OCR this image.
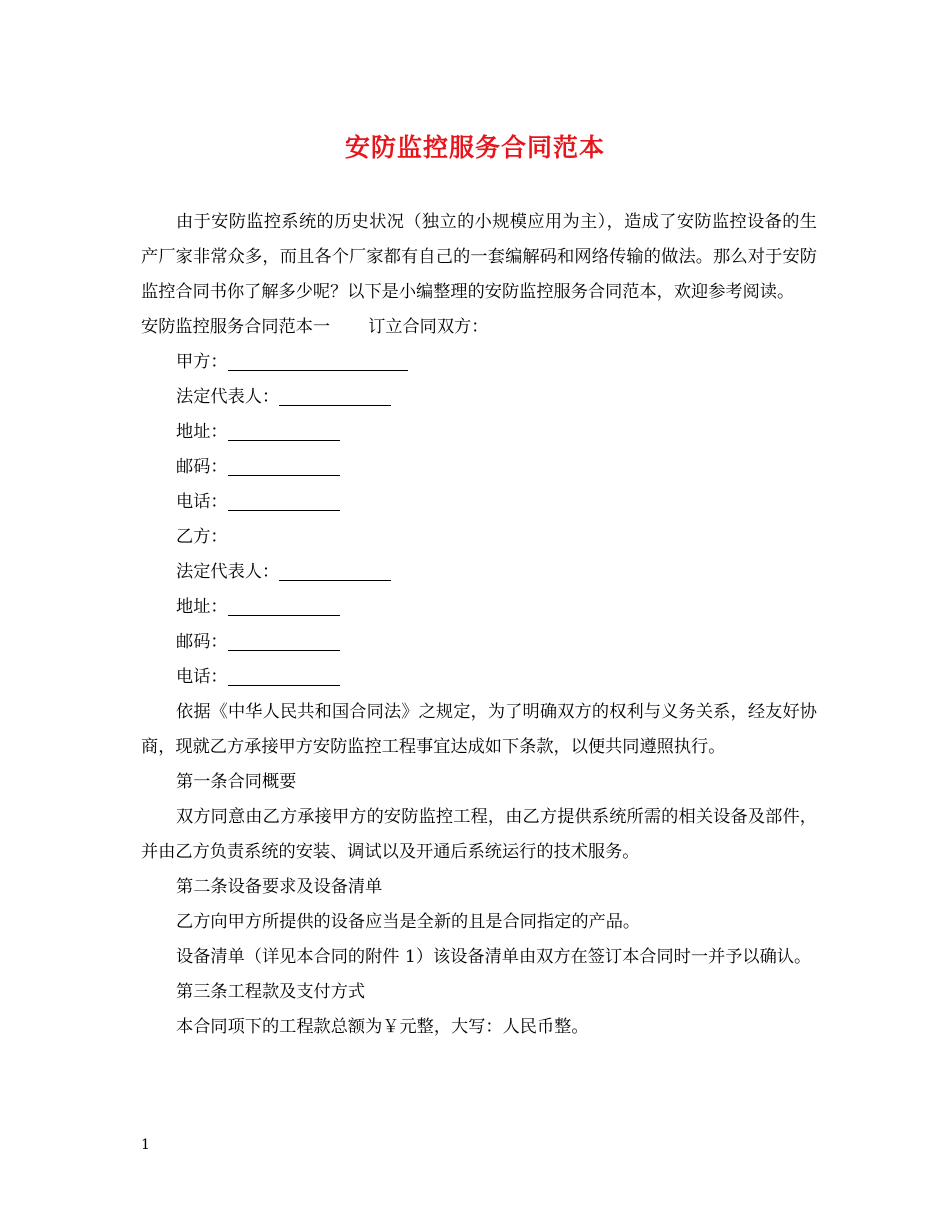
安防监控服务合同范本

由于安防监控系统的历史状况（独立的小规模应用为主），造成了安防监控设备的生产厂家非常众多，而且各个厂家都有自己的一套编解码和网络传输的做法。那么对于安防监控合同书你了解多少呢？以下是小编整理的安防监控服务合同范本，欢迎参考阅读。

安防监控服务合同范本一 订立合同双方：

甲方：

法定代表人：

地址：

邮码：

电话：

乙方：

法定代表人：

地址：

邮码：

电话：

依据《中华人民共和国合同法》之规定，为了明确双方的权利与义务关系，经友好协商，现就乙方承接甲方安防监控工程事宜达成如下条款，以便共同遵照执行。

第一条合同概要

双方同意由乙方承接甲方的安防监控工程，由乙方提供系统所需的相关设备及部件，并由乙方负责系统的安装、调试以及开通后系统运行的技术服务。

第二条设备要求及设备清单

乙方向甲方所提供的设备应当是全新的且是合同指定的产品。

设备清单（详见本合同的附件 1）该设备清单由双方在签订本合同时一并予以确认。

第三条工程款及支付方式

本合同项下的工程款总额为￥元整，大写：人民币整。

1
